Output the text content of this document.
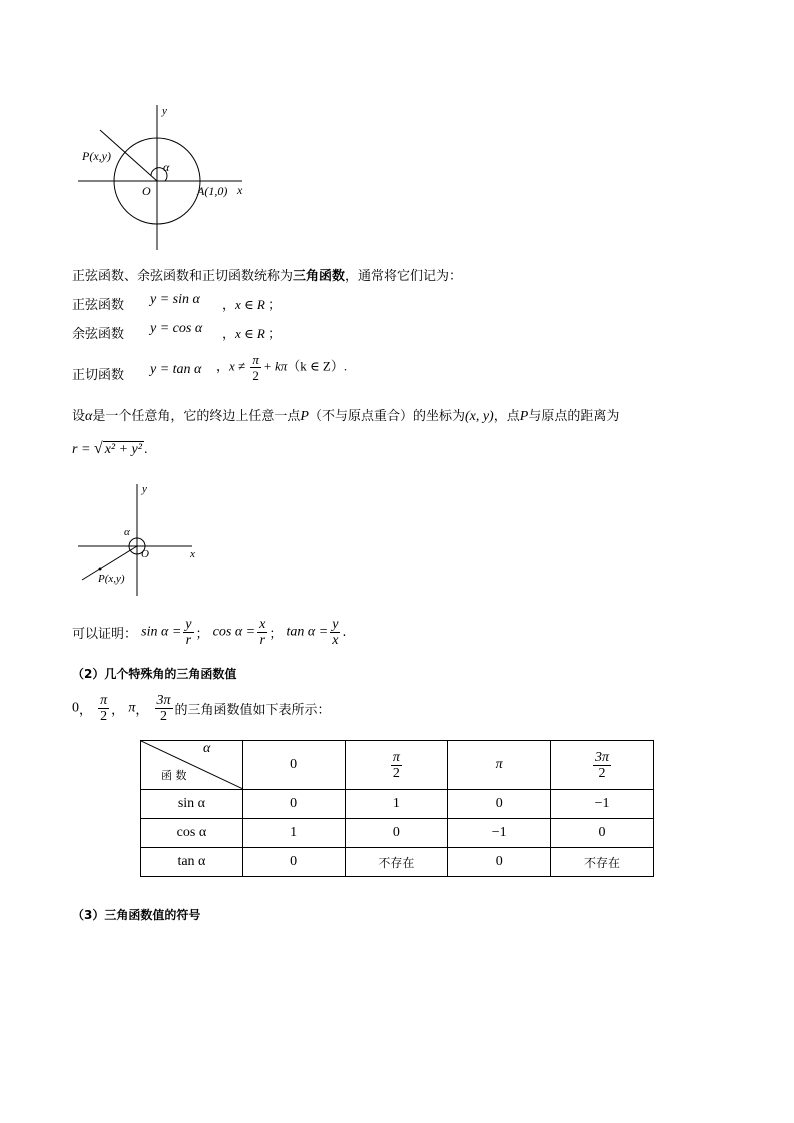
y
x
O
α
P(x,y)
A(1,0)
正弦函数、余弦函数和正切函数统称为三角函数，通常将它们记为：
正弦函数 y = sin α ，x ∈ R ；
余弦函数 y = cos α ，x ∈ R ；
正切函数 y = tan α ，$x \ne \frac{\pi}{2} + k\pi(k$ ∈ Z）.
设α是一个任意角，它的终边上任意一点P（不与原点重合）的坐标为(x, y)，点P与原点的距离为
r = √ x² + y² .
y
x
O
α
P(x,y)
可以证明： $\sin \alpha = \frac{y}{r}$ ； $\cos \alpha = \frac{x}{r}$ ； $\tan \alpha = \frac{y}{x}$ .
（2）几个特殊角的三角函数值
0， $\frac{\pi}{2}$ ， π， $\frac{3\pi}{2}$ 的三角函数值如下表所示：
α
函 数	0	$\frac{\pi}{2}$	π	$\frac{3\pi}{2}$

sin α	0	1	0	−1
cos α	1	0	−1	0
tan α	0	不存在	0	不存在
（3）三角函数值的符号
